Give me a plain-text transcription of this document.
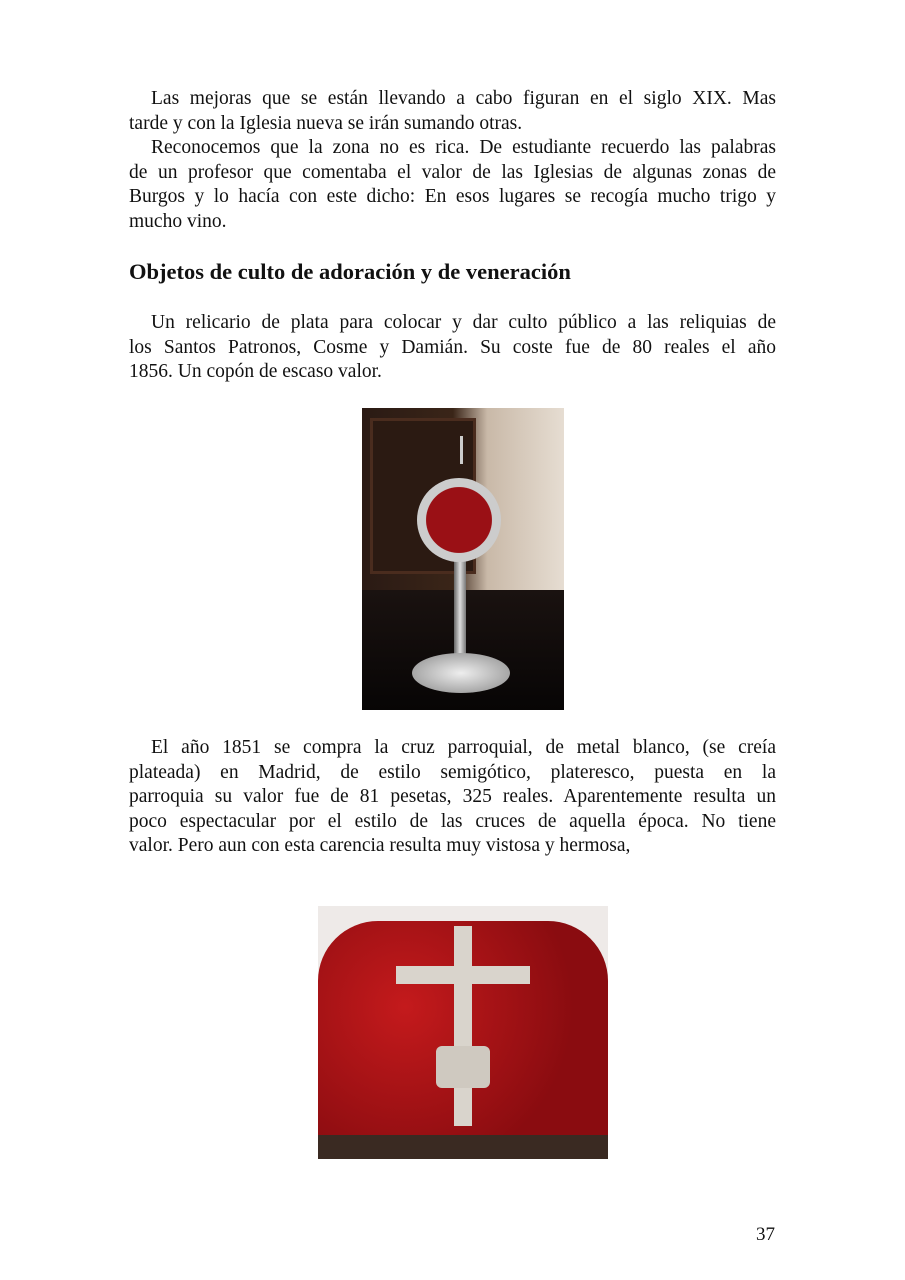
Las mejoras que se están llevando a cabo figuran en el siglo XIX. Mas
tarde y con la Iglesia nueva se irán sumando otras.
Reconocemos que la zona no es rica. De estudiante recuerdo las palabras
de un profesor que comentaba el valor de las Iglesias de algunas zonas de
Burgos y lo hacía con este dicho: En esos lugares se recogía mucho trigo y
mucho vino.
Objetos de culto de adoración y de veneración
Un relicario de plata para colocar y dar culto público a las reliquias de
los Santos Patronos, Cosme y Damián. Su coste fue de 80 reales el año
1856. Un copón de escaso valor.
El año 1851 se compra la cruz parroquial, de metal blanco, (se creía
plateada) en Madrid, de estilo semigótico, plateresco, puesta en la
parroquia su valor fue de 81 pesetas, 325 reales. Aparentemente resulta un
poco espectacular por el estilo de las cruces de aquella época. No tiene
valor. Pero aun con esta carencia resulta muy vistosa y hermosa,
37
